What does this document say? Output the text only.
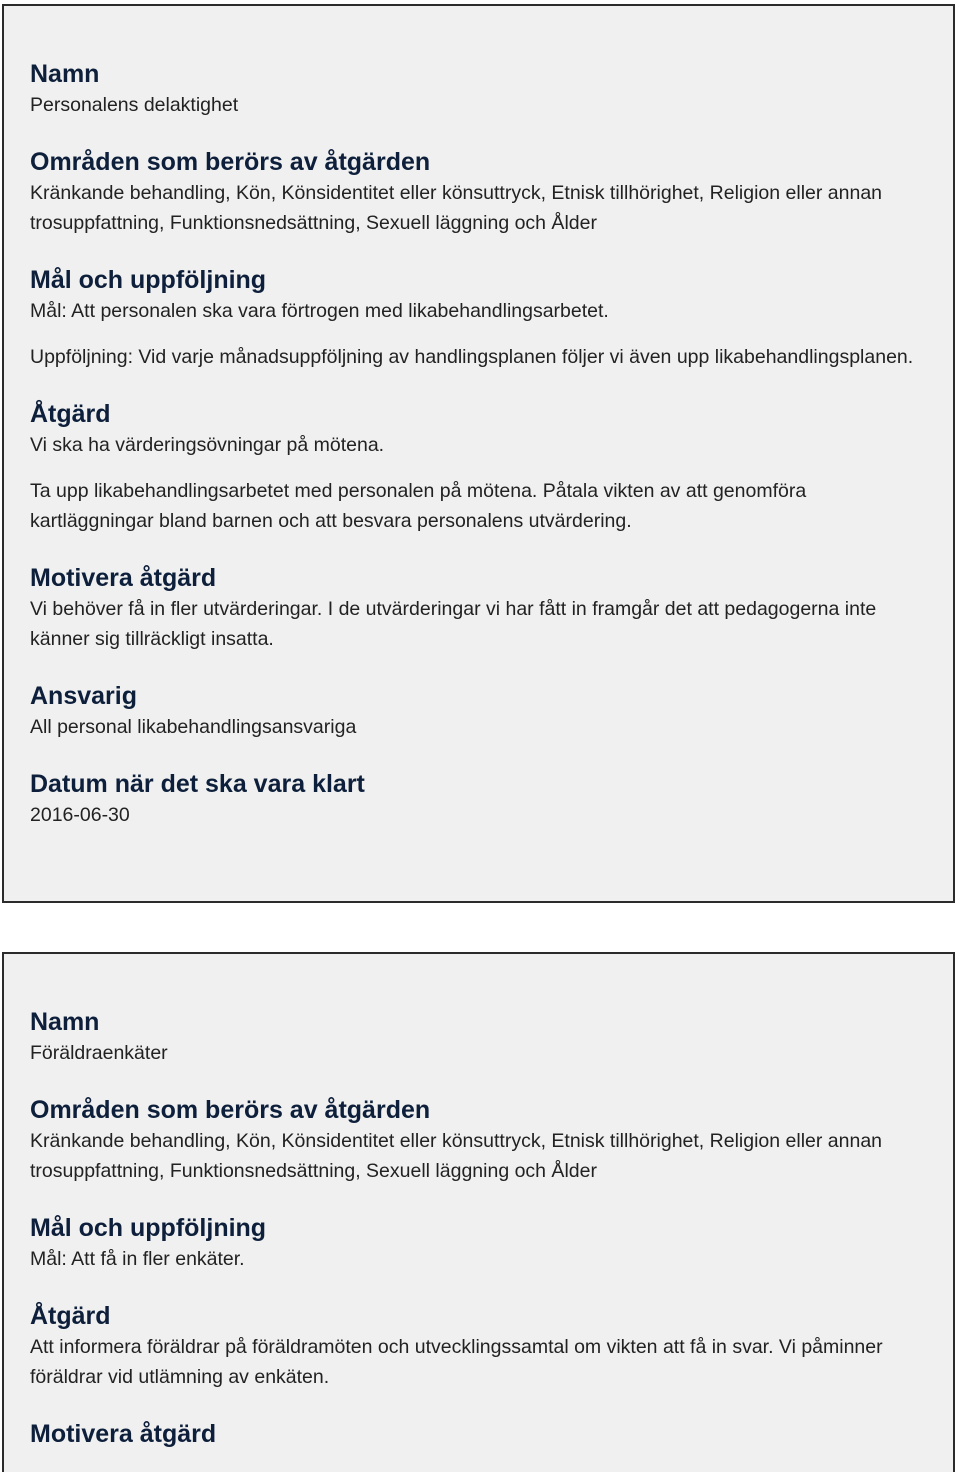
Namn

Personalens delaktighet

Områden som berörs av åtgärden

Kränkande behandling, Kön, Könsidentitet eller könsuttryck, Etnisk tillhörighet, Religion eller annan trosuppfattning, Funktionsnedsättning, Sexuell läggning och Ålder

Mål och uppföljning

Mål: Att personalen ska vara förtrogen med likabehandlingsarbetet.

Uppföljning: Vid varje månadsuppföljning av handlingsplanen följer vi även upp likabehandlingsplanen.

Åtgärd

Vi ska ha värderingsövningar på mötena.

Ta upp likabehandlingsarbetet med personalen på mötena. Påtala vikten av att genomföra kartläggningar bland barnen och att besvara personalens utvärdering.

Motivera åtgärd

Vi behöver få in fler utvärderingar. I de utvärderingar vi har fått in framgår det att pedagogerna inte känner sig tillräckligt insatta.

Ansvarig

All personal likabehandlingsansvariga

Datum när det ska vara klart

2016-06-30

Namn

Föräldraenkäter

Områden som berörs av åtgärden

Kränkande behandling, Kön, Könsidentitet eller könsuttryck, Etnisk tillhörighet, Religion eller annan trosuppfattning, Funktionsnedsättning, Sexuell läggning och Ålder

Mål och uppföljning

Mål: Att få in fler enkäter.

Åtgärd

Att informera föräldrar på föräldramöten och utvecklingssamtal om vikten att få in svar. Vi påminner föräldrar vid utlämning av enkäten.

Motivera åtgärd
